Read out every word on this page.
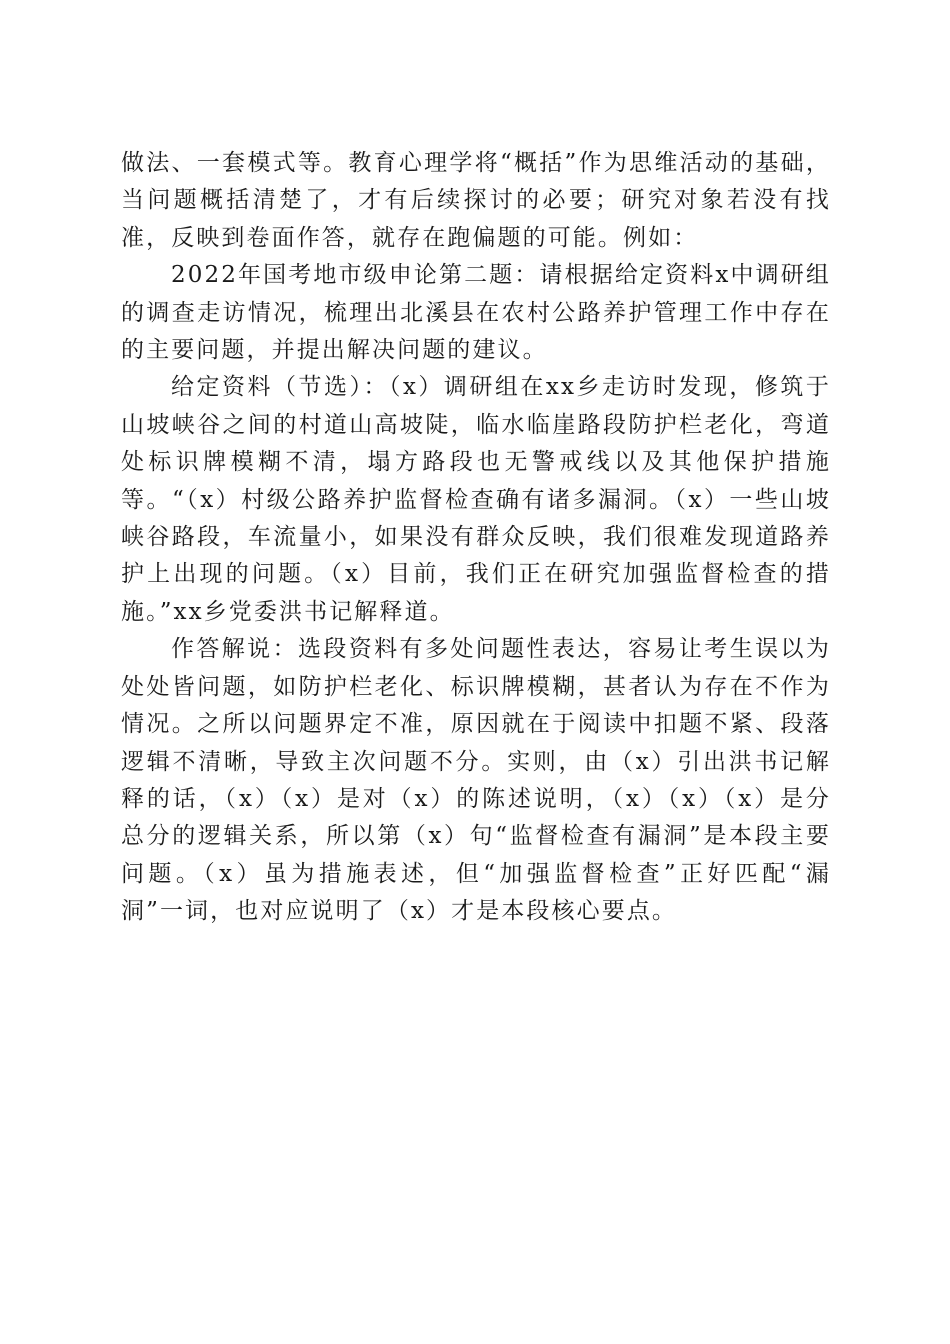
做法、一套模式等。教育心理学将“概括”作为思维活动的基础，当问题概括清楚了，才有后续探讨的必要；研究对象若没有找准，反映到卷面作答，就存在跑偏题的可能。例如：

2022年国考地市级申论第二题：请根据给定资料x中调研组的调查走访情况，梳理出北溪县在农村公路养护管理工作中存在的主要问题，并提出解决问题的建议。

给定资料（节选）：（x）调研组在xx乡走访时发现，修筑于山坡峡谷之间的村道山高坡陡，临水临崖路段防护栏老化，弯道处标识牌模糊不清，塌方路段也无警戒线以及其他保护措施等。“（x）村级公路养护监督检查确有诸多漏洞。（x）一些山坡峡谷路段，车流量小，如果没有群众反映，我们很难发现道路养护上出现的问题。（x）目前，我们正在研究加强监督检查的措施。”xx乡党委洪书记解释道。

作答解说：选段资料有多处问题性表达，容易让考生误以为处处皆问题，如防护栏老化、标识牌模糊，甚者认为存在不作为情况。之所以问题界定不准，原因就在于阅读中扣题不紧、段落逻辑不清晰，导致主次问题不分。实则，由（x）引出洪书记解释的话，（x）（x）是对（x）的陈述说明，（x）（x）（x）是分总分的逻辑关系，所以第（x）句“监督检查有漏洞”是本段主要问题。（x）虽为措施表述，但“加强监督检查”正好匹配“漏洞”一词，也对应说明了（x）才是本段核心要点。
